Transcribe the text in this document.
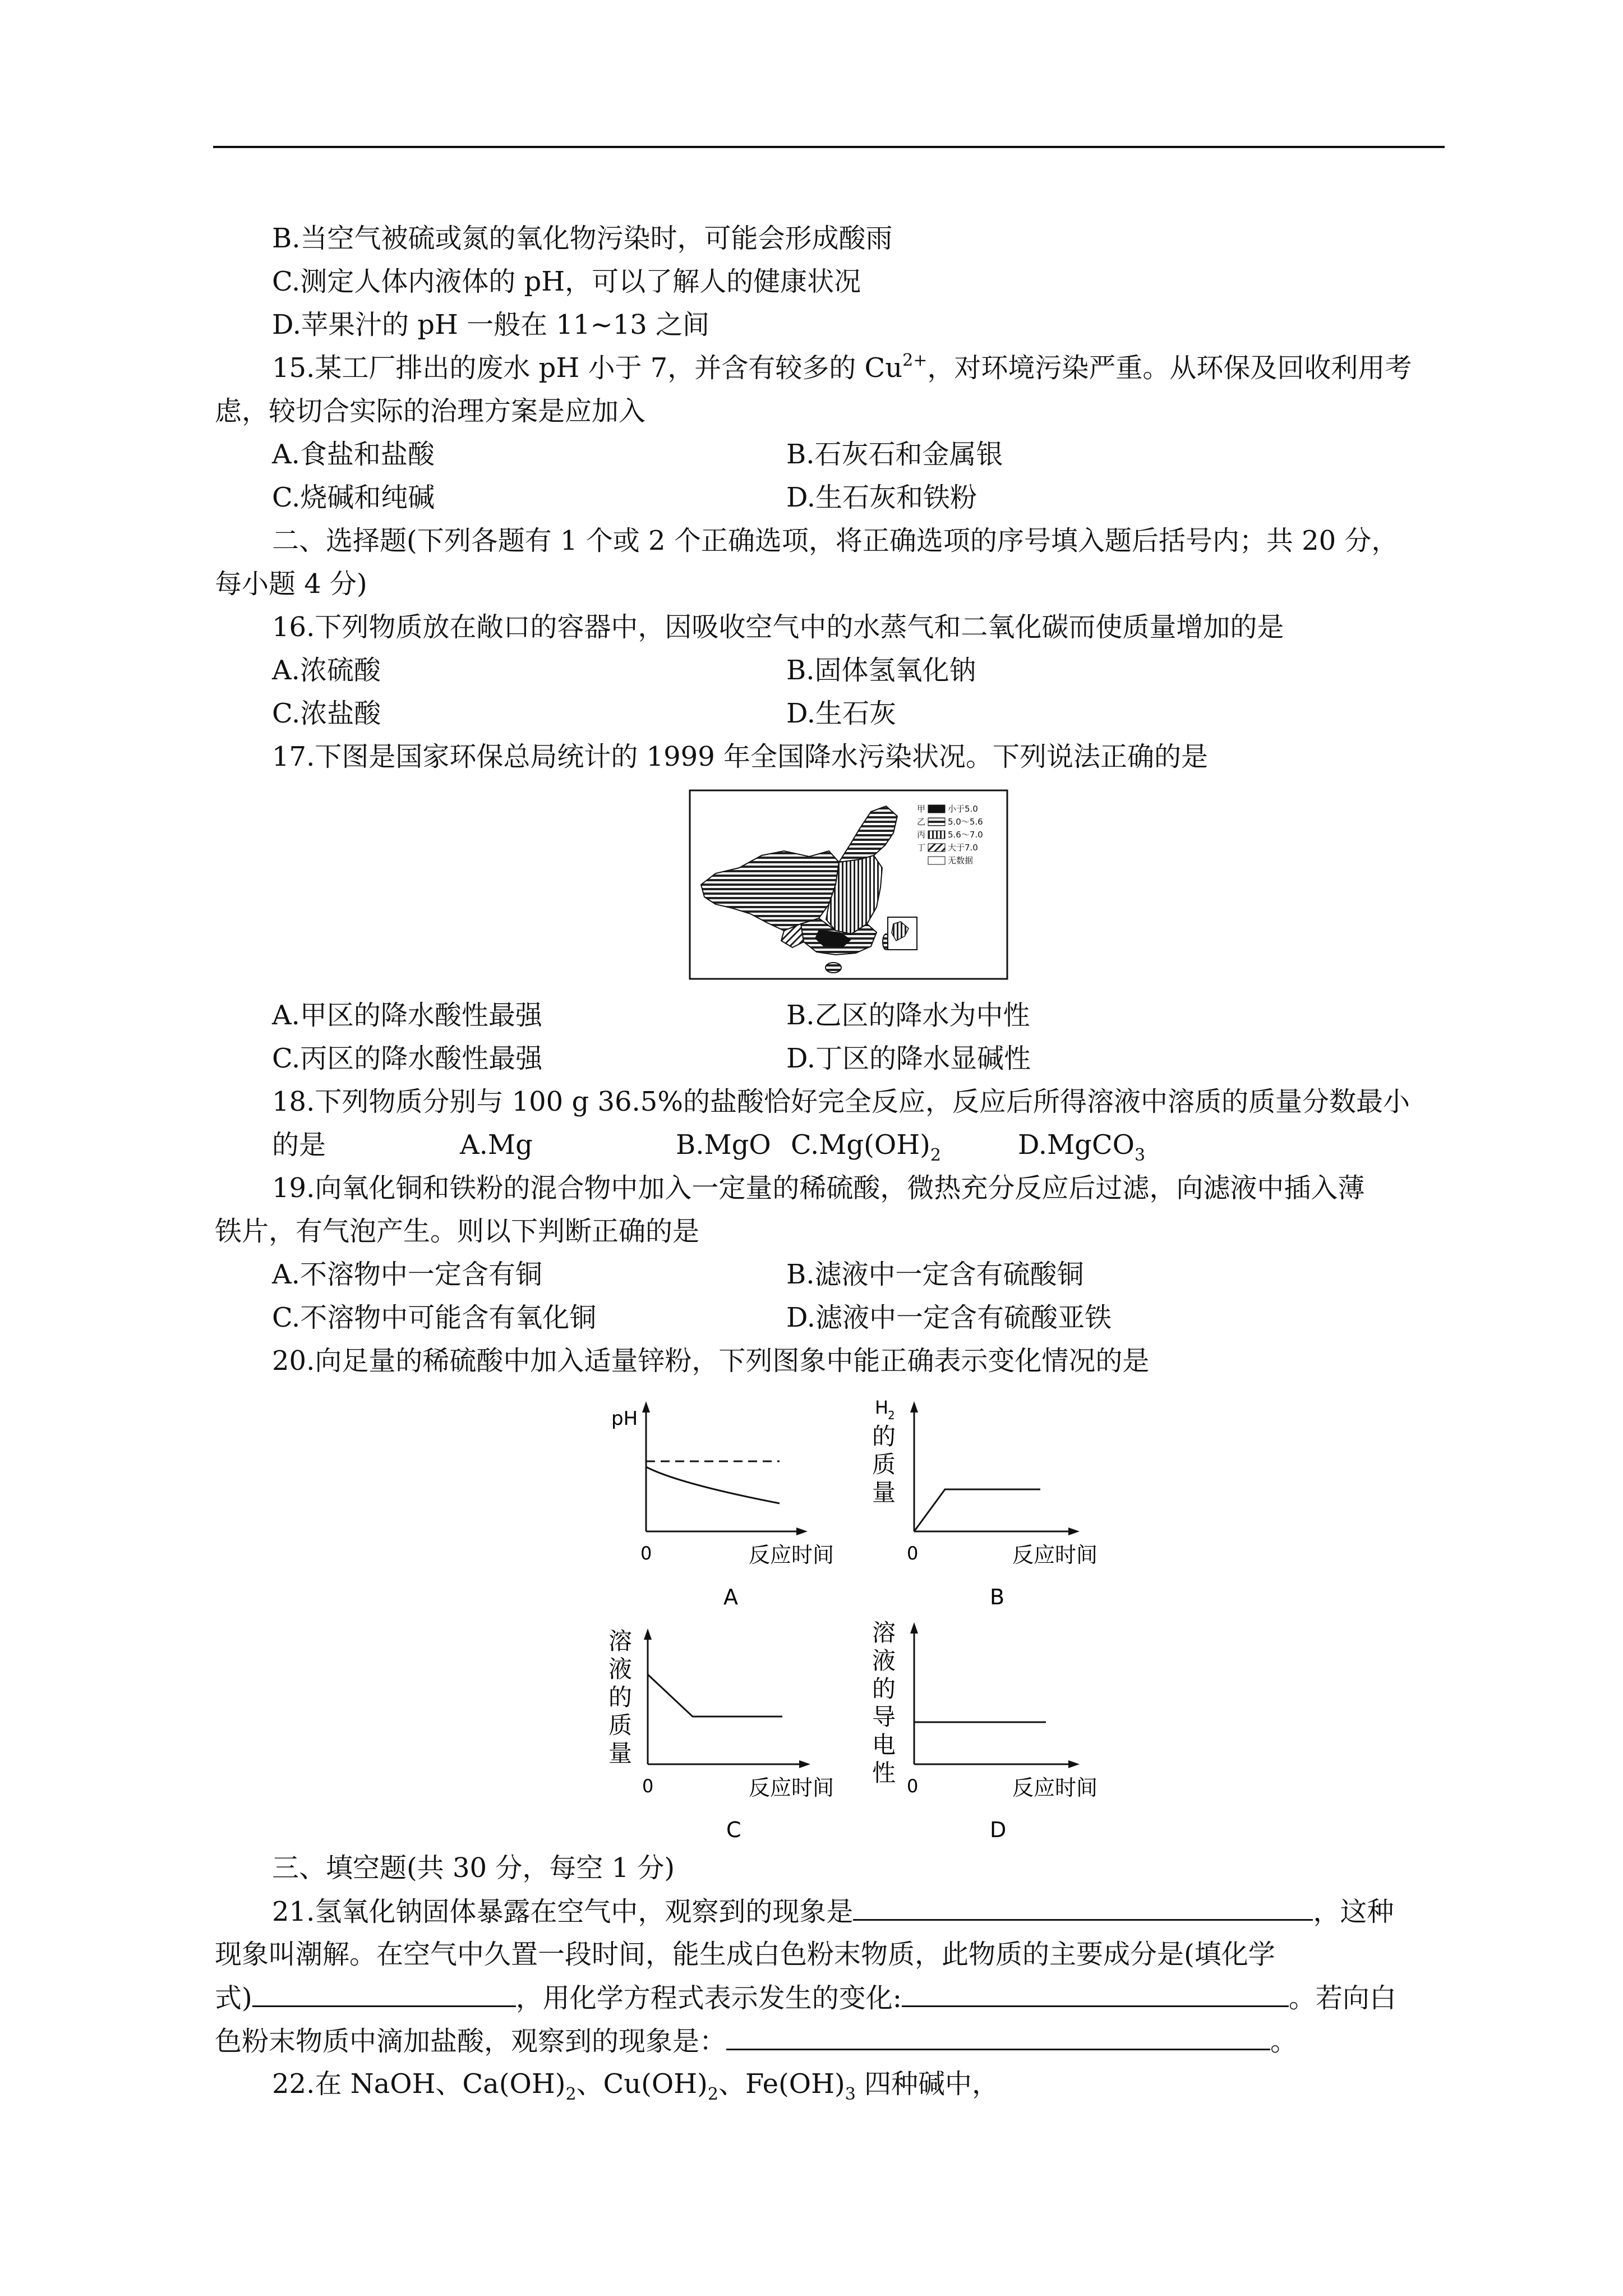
B.当空气被硫或氮的氧化物污染时，可能会形成酸雨
C.测定人体内液体的 pH，可以了解人的健康状况
D.苹果汁的 pH 一般在 11~13 之间
15.某工厂排出的废水 pH 小于 7，并含有较多的 $Cu^{2+}$，对环境污染严重。从环保及回收利用考
虑，较切合实际的治理方案是应加入
A.食盐和盐酸	B.石灰石和金属银
C.烧碱和纯碱	D.生石灰和铁粉
二、选择题(下列各题有 1 个或 2 个正确选项，将正确选项的序号填入题后括号内；共 20 分，
每小题 4 分)
16.下列物质放在敞口的容器中，因吸收空气中的水蒸气和二氧化碳而使质量增加的是
A.浓硫酸	B.固体氢氧化钠
C.浓盐酸	D.生石灰
17.下图是国家环保总局统计的 1999 年全国降水污染状况。下列说法正确的是
甲	小于5.0
乙	5.0～5.6
丙	5.6～7.0
丁	大于7.0
无数据
A.甲区的降水酸性最强	B.乙区的降水为中性
C.丙区的降水酸性最强	D.丁区的降水显碱性
18.下列物质分别与 100 g 36.5%的盐酸恰好完全反应，反应后所得溶液中溶质的质量分数最小
的是	A.Mg	B.MgO $C.Mg(OH)_2$	D.MgCO$_3$
19.向氧化铜和铁粉的混合物中加入一定量的稀硫酸，微热充分反应后过滤，向滤液中插入薄
铁片，有气泡产生。则以下判断正确的是
A.不溶物中一定含有铜	B.滤液中一定含有硫酸铜
C.不溶物中可能含有氧化铜	D.滤液中一定含有硫酸亚铁
20.向足量的稀硫酸中加入适量锌粉，下列图象中能正确表示变化情况的是
pH
0	反应时间
A
H
2
的
质
量
0	反应时间
B
溶
液
的
质
量
0	反应时间
C
溶
液
的
导
电
性 0	反应时间
D
三、填空题(共 30 分，每空 1 分)
21.氢氧化钠固体暴露在空气中，观察到的现象是	，这种
现象叫潮解。在空气中久置一段时间，能生成白色粉末物质，此物质的主要成分是(填化学
式)	，用化学方程式表示发生的变化:	。若向白
色粉末物质中滴加盐酸，观察到的现象是：	。
22.在 NaOH、$Ca(OH)_2$、$Cu(OH)_2$、$Fe(OH)_3$ 四种碱中，
